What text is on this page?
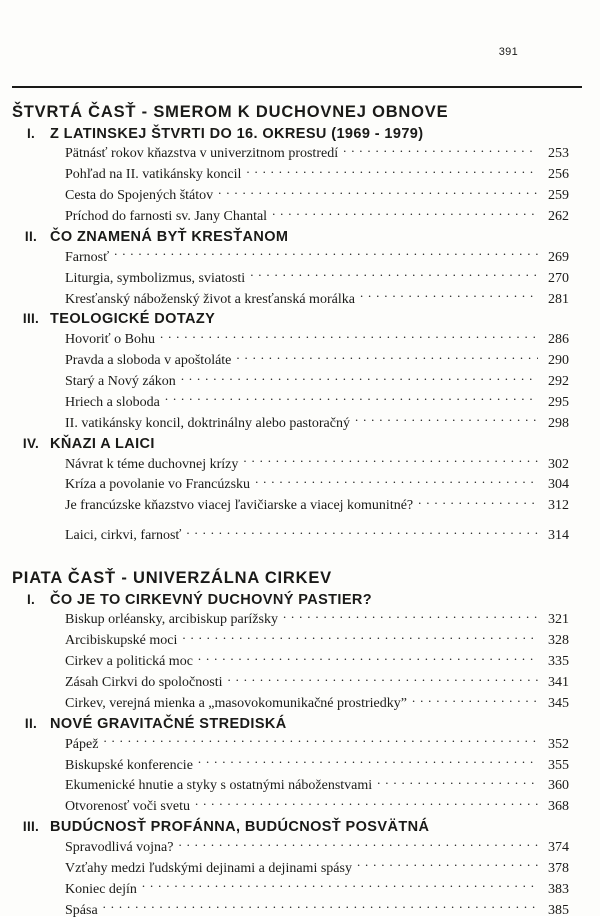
391
ŠTVRTÁ ČASŤ - SMEROM K DUCHOVNEJ OBNOVE
I.	Z LATINSKEJ ŠTVRTI DO 16. OKRESU (1969 - 1979)
Pätnásť rokov kňazstva v univerzitnom prostredí . . .	253
Pohľad na II. vatikánsky koncil . . .	256
Cesta do Spojených štátov . . .	259
Príchod do farnosti sv. Jany Chantal . . .	262
II. ČO ZNAMENÁ BYŤ KRESŤANOM
Farnosť . . .	269
Liturgia, symbolizmus, sviatosti . . .	270
Kresťanský náboženský život a kresťanská morálka . . .	281
III. TEOLOGICKÉ DOTAZY
Hovoriť o Bohu . . .	286
Pravda a sloboda v apoštoláte . . .	290
Starý a Nový zákon . . .	292
Hriech a sloboda . . .	295
II. vatikánsky koncil, doktrinálny alebo pastoračný . . .	298
IV. KŇAZI A LAICI
Návrat k téme duchovnej krízy . . .	302
Kríza a povolanie vo Francúzsku . . .	304
Je francúzske kňazstvo viacej ľavičiarske a viacej komunitné? . . .	312
Laici, cirkvi, farnosť . . .	314
PIATA ČASŤ - UNIVERZÁLNA CIRKEV
I.	ČO JE TO CIRKEVNÝ DUCHOVNÝ PASTIER?
Biskup orléansky, arcibiskup parížsky . . .	321
Arcibiskupské moci . . .	328
Cirkev a politická moc . . .	335
Zásah Cirkvi do spoločnosti . . .	341
Cirkev, verejná mienka a „masovokomunikačné prostriedky” . . .	345
II. NOVÉ GRAVITAČNÉ STREDISKÁ
Pápež . . .	352
Biskupské konferencie . . .	355
Ekumenické hnutie a styky s ostatnými náboženstvami . . .	360
Otvorenosť voči svetu . . .	368
III. BUDÚCNOSŤ PROFÁNNA, BUDÚCNOSŤ POSVÄTNÁ
Spravodlivá vojna? . . .	374
Vzťahy medzi ľudskými dejinami a dejinami spásy . . .	378
Koniec dejín . . .	383
Spása . . .	385
